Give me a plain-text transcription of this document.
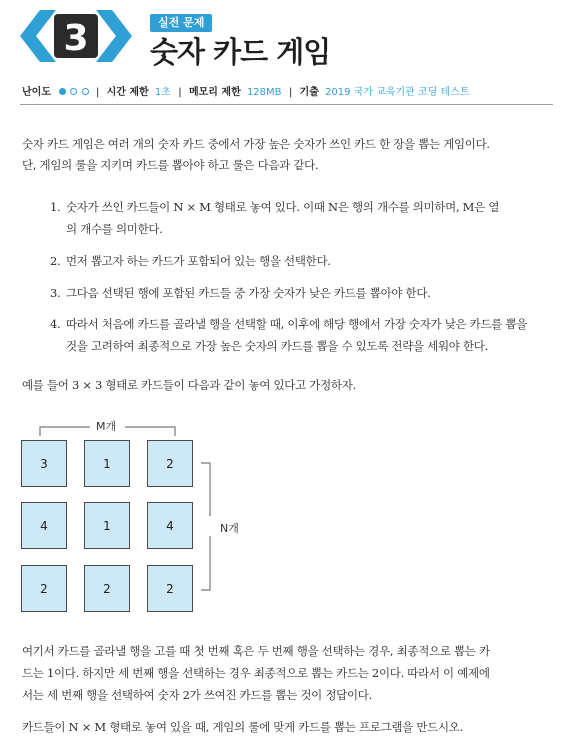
3	실전 문제
숫자 카드 게임
난이도	| 시간 제한 1초 | 메모리 제한 128MB | 기출 2019 국가 교육기관 코딩 테스트
숫자 카드 게임은 여러 개의 숫자 카드 중에서 가장 높은 숫자가 쓰인 카드 한 장을 뽑는 게임이다.
단, 게임의 룰을 지키며 카드를 뽑아야 하고 룰은 다음과 같다.
1. 숫자가 쓰인 카드들이 N × M 형태로 놓여 있다. 이때 N은 행의 개수를 의미하며, M은 열
의 개수를 의미한다.
2. 먼저 뽑고자 하는 카드가 포함되어 있는 행을 선택한다.
3. 그다음 선택된 행에 포함된 카드들 중 가장 숫자가 낮은 카드를 뽑아야 한다.
4. 따라서 처음에 카드를 골라낼 행을 선택할 때, 이후에 해당 행에서 가장 숫자가 낮은 카드를 뽑을
것을 고려하여 최종적으로 가장 높은 숫자의 카드를 뽑을 수 있도록 전략을 세워야 한다.
예를 들어 3 × 3 형태로 카드들이 다음과 같이 놓여 있다고 가정하자.
M개
N개
3	1	2
4	1	4
2	2	2
여기서 카드를 골라낼 행을 고를 때 첫 번째 혹은 두 번째 행을 선택하는 경우, 최종적으로 뽑는 카
드는 1이다. 하지만 세 번째 행을 선택하는 경우 최종적으로 뽑는 카드는 2이다. 따라서 이 예제에
서는 세 번째 행을 선택하여 숫자 2가 쓰여진 카드를 뽑는 것이 정답이다.
카드들이 N × M 형태로 놓여 있을 때, 게임의 룰에 맞게 카드를 뽑는 프로그램을 만드시오.
